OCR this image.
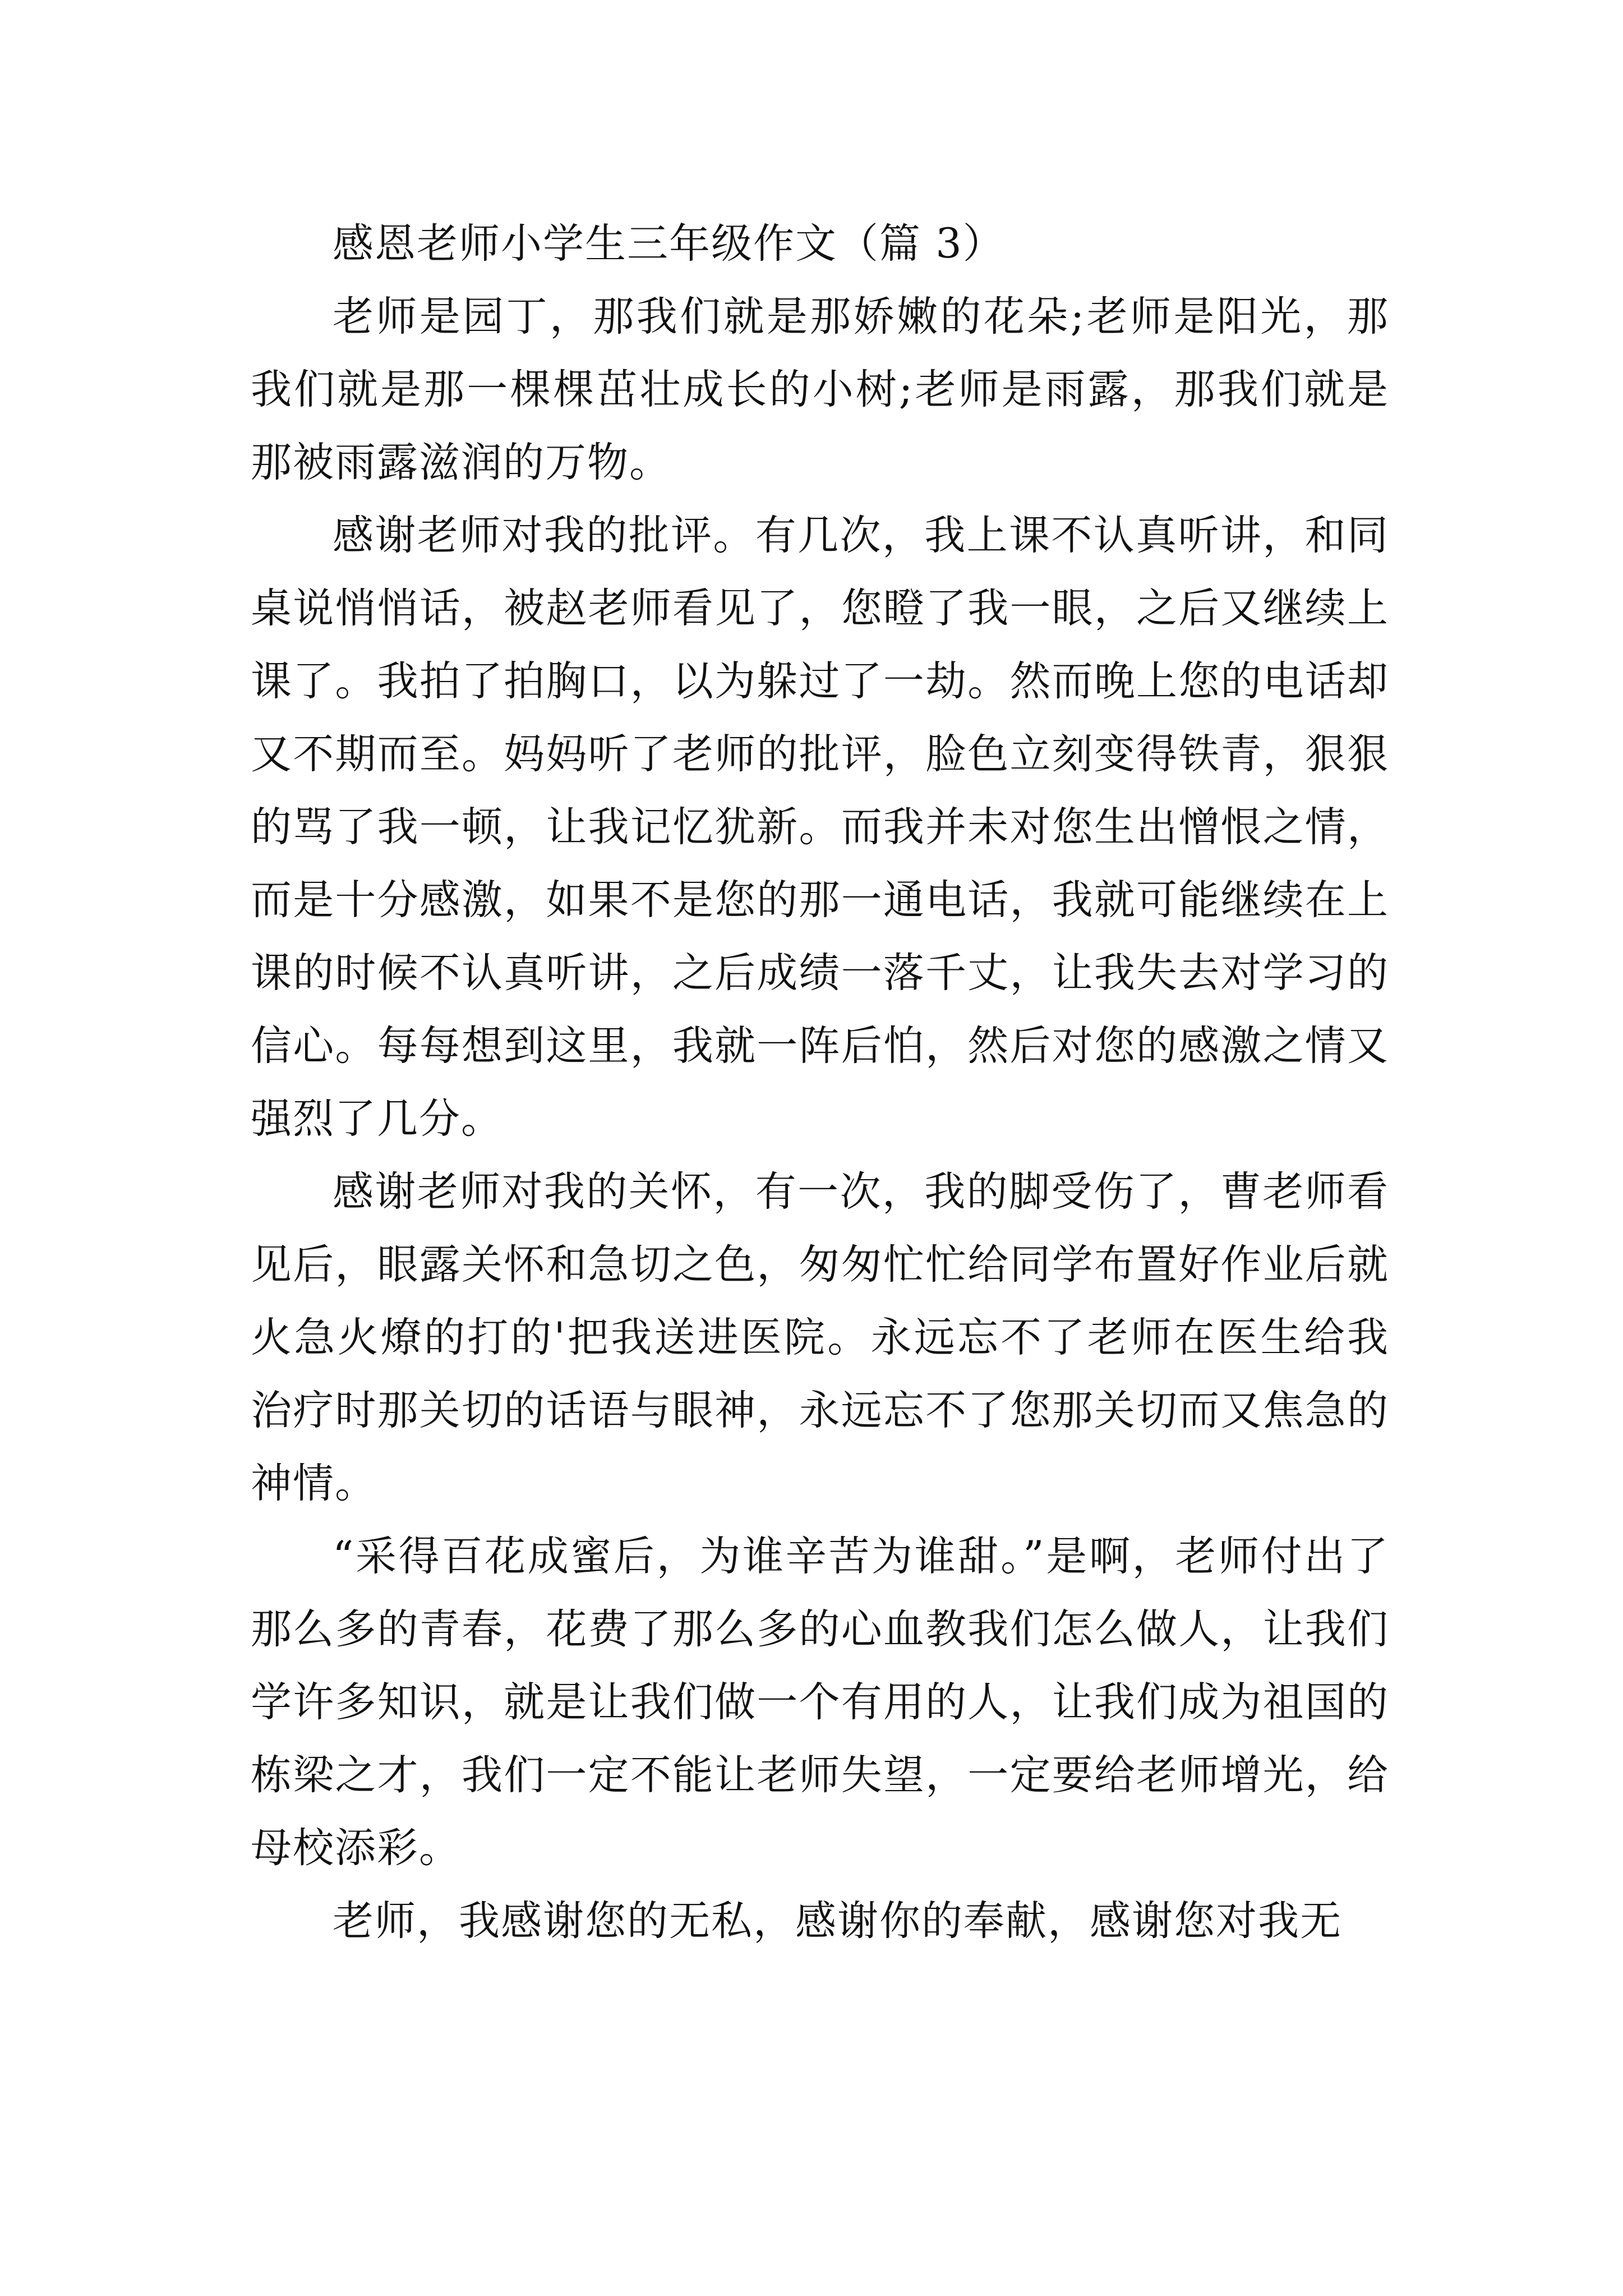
感恩老师小学生三年级作文（篇 3）

老师是园丁，那我们就是那娇嫩的花朵;老师是阳光，那我们就是那一棵棵茁壮成长的小树;老师是雨露，那我们就是那被雨露滋润的万物。

感谢老师对我的批评。有几次，我上课不认真听讲，和同桌说悄悄话，被赵老师看见了，您瞪了我一眼，之后又继续上课了。我拍了拍胸口，以为躲过了一劫。然而晚上您的电话却又不期而至。妈妈听了老师的批评，脸色立刻变得铁青，狠狠的骂了我一顿，让我记忆犹新。而我并未对您生出憎恨之情，而是十分感激，如果不是您的那一通电话，我就可能继续在上课的时候不认真听讲，之后成绩一落千丈，让我失去对学习的信心。每每想到这里，我就一阵后怕，然后对您的感激之情又强烈了几分。

感谢老师对我的关怀，有一次，我的脚受伤了，曹老师看见后，眼露关怀和急切之色，匆匆忙忙给同学布置好作业后就火急火燎的打的'把我送进医院。永远忘不了老师在医生给我治疗时那关切的话语与眼神，永远忘不了您那关切而又焦急的神情。

“采得百花成蜜后，为谁辛苦为谁甜。”是啊，老师付出了那么多的青春，花费了那么多的心血教我们怎么做人，让我们学许多知识，就是让我们做一个有用的人，让我们成为祖国的栋梁之才，我们一定不能让老师失望，一定要给老师增光，给母校添彩。

老师，我感谢您的无私，感谢你的奉献，感谢您对我无
